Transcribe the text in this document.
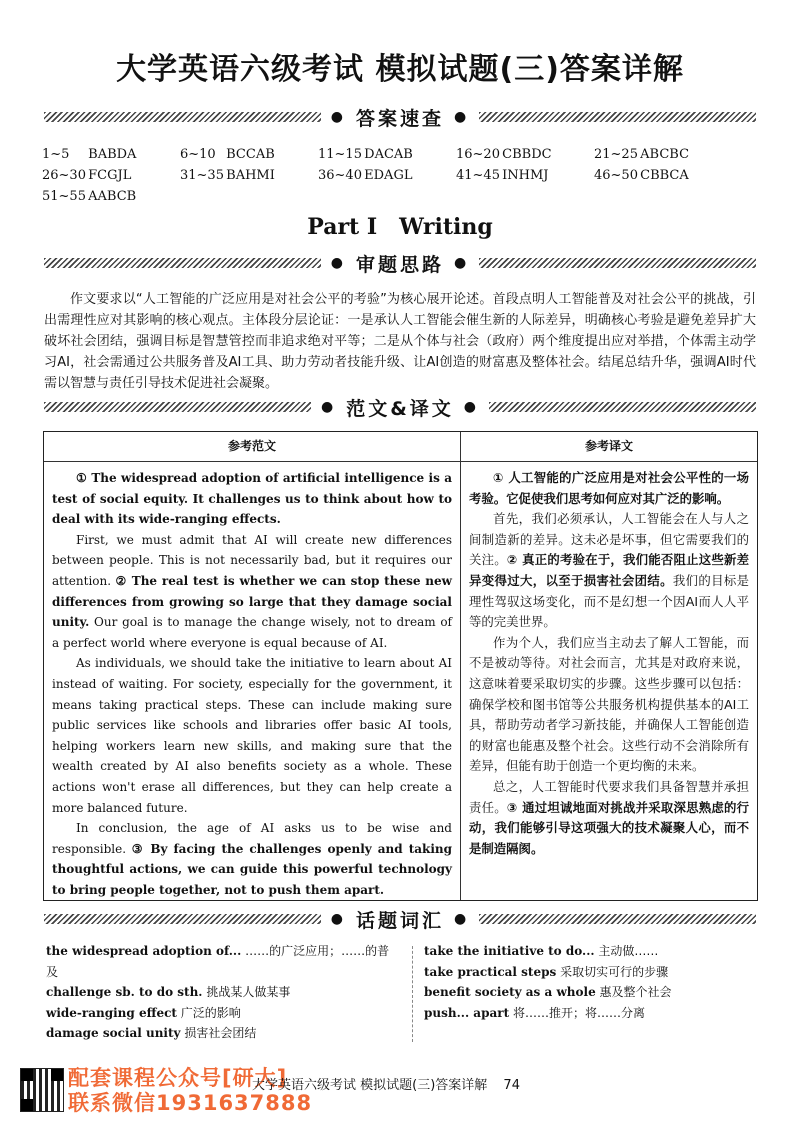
大学英语六级考试 模拟试题(三)答案详解
● 答案速查 ●
1~5 BABDA	6~10 BCCAB	11~15 DACAB	16~20 CBBDC	21~25 ABCBC
26~30 FCGJL	31~35 BAHMI	36~40 EDAGL	41~45 INHMJ	46~50 CBBCA
51~55 AABCB
Part Ⅰ　Writing
● 审题思路 ●
作文要求以“人工智能的广泛应用是对社会公平的考验”为核心展开论述。首段点明人工智能普及对社会公平的挑战，引出需理性应对其影响的核心观点。主体段分层论证：一是承认人工智能会催生新的人际差异，明确核心考验是避免差异扩大破坏社会团结，强调目标是智慧管控而非追求绝对平等；二是从个体与社会（政府）两个维度提出应对举措，个体需主动学习AI，社会需通过公共服务普及AI工具、助力劳动者技能升级、让AI创造的财富惠及整体社会。结尾总结升华，强调AI时代需以智慧与责任引导技术促进社会凝聚。
● 范文&译文 ●
参考范文	参考译文

① The widespread adoption of artificial intelligence is a test of social equity. It challenges us to think about how to deal with its wide-ranging effects.

First, we must admit that AI will create new differences between people. This is not necessarily bad, but it requires our attention. ② The real test is whether we can stop these new differences from growing so large that they damage social unity. Our goal is to manage the change wisely, not to dream of a perfect world where everyone is equal because of AI.

As individuals, we should take the initiative to learn about AI instead of waiting. For society, especially for the government, it means taking practical steps. These can include making sure public services like schools and libraries offer basic AI tools, helping workers learn new skills, and making sure that the wealth created by AI also benefits society as a whole. These actions won't erase all differences, but they can help create a more balanced future.

In conclusion, the age of AI asks us to be wise and responsible. ③ By facing the challenges openly and taking thoughtful actions, we can guide this powerful technology to bring people together, not to push them apart.

① 人工智能的广泛应用是对社会公平性的一场考验。它促使我们思考如何应对其广泛的影响。

首先，我们必须承认，人工智能会在人与人之间制造新的差异。这未必是坏事，但它需要我们的关注。② 真正的考验在于，我们能否阻止这些新差异变得过大，以至于损害社会团结。我们的目标是理性驾驭这场变化，而不是幻想一个因AI而人人平等的完美世界。

作为个人，我们应当主动去了解人工智能，而不是被动等待。对社会而言，尤其是对政府来说，这意味着要采取切实的步骤。这些步骤可以包括：确保学校和图书馆等公共服务机构提供基本的AI工具，帮助劳动者学习新技能，并确保人工智能创造的财富也能惠及整个社会。这些行动不会消除所有差异，但能有助于创造一个更均衡的未来。

总之，人工智能时代要求我们具备智慧并承担责任。③ 通过坦诚地面对挑战并采取深思熟虑的行动，我们能够引导这项强大的技术凝聚人心，而不是制造隔阂。

● 话题词汇 ●
the widespread adoption of... ……的广泛应用；……的普及
challenge sb. to do sth. 挑战某人做某事
wide-ranging effect 广泛的影响
damage social unity 损害社会团结
take the initiative to do... 主动做……
take practical steps 采取切实可行的步骤
benefit society as a whole 惠及整个社会
push... apart 将……推开；将……分离
配套课程公众号[研大]
联系微信1931637888
大学英语六级考试 模拟试题(三)答案详解 74
